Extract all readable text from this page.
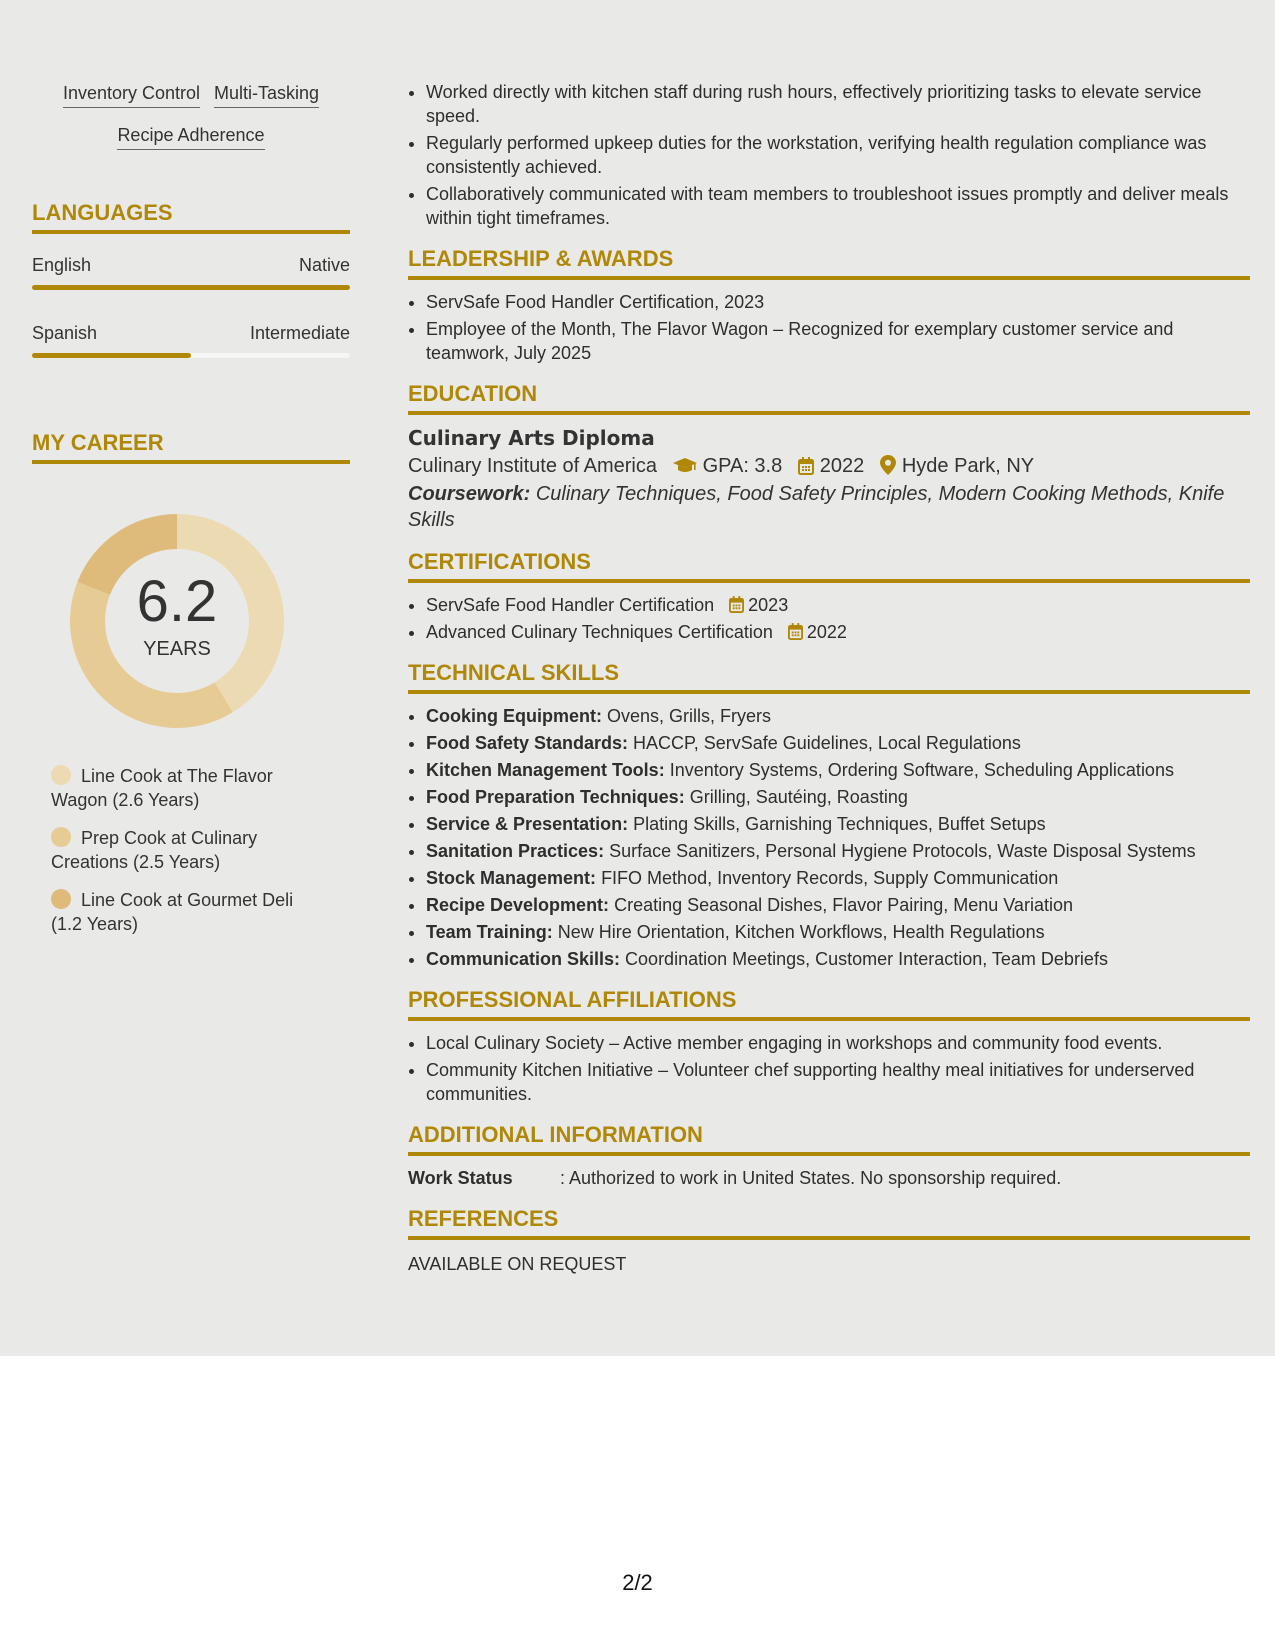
Inventory Control Multi-Tasking
Recipe Adherence
LANGUAGES
English	Native
Spanish	Intermediate
MY CAREER
6.2
YEARS
Line Cook at The Flavor Wagon (2.6 Years)
Prep Cook at Culinary Creations (2.5 Years)
Line Cook at Gourmet Deli (1.2 Years)
• Worked directly with kitchen staff during rush hours, effectively prioritizing tasks to elevate service speed.
• Regularly performed upkeep duties for the workstation, verifying health regulation compliance was consistently achieved.
• Collaboratively communicated with team members to troubleshoot issues promptly and deliver meals within tight timeframes.
LEADERSHIP & AWARDS
• ServSafe Food Handler Certification, 2023
• Employee of the Month, The Flavor Wagon – Recognized for exemplary customer service and teamwork, July 2025
EDUCATION
Culinary Arts Diploma
Culinary Institute of America GPA: 3.8 2022 Hyde Park, NY
Coursework: Culinary Techniques, Food Safety Principles, Modern Cooking Methods, Knife Skills
CERTIFICATIONS
• ServSafe Food Handler Certification 2023
• Advanced Culinary Techniques Certification 2022
TECHNICAL SKILLS
• Cooking Equipment: Ovens, Grills, Fryers
• Food Safety Standards: HACCP, ServSafe Guidelines, Local Regulations
• Kitchen Management Tools: Inventory Systems, Ordering Software, Scheduling Applications
• Food Preparation Techniques: Grilling, Sautéing, Roasting
• Service & Presentation: Plating Skills, Garnishing Techniques, Buffet Setups
• Sanitation Practices: Surface Sanitizers, Personal Hygiene Protocols, Waste Disposal Systems
• Stock Management: FIFO Method, Inventory Records, Supply Communication
• Recipe Development: Creating Seasonal Dishes, Flavor Pairing, Menu Variation
• Team Training: New Hire Orientation, Kitchen Workflows, Health Regulations
• Communication Skills: Coordination Meetings, Customer Interaction, Team Debriefs
PROFESSIONAL AFFILIATIONS
• Local Culinary Society – Active member engaging in workshops and community food events.
• Community Kitchen Initiative – Volunteer chef supporting healthy meal initiatives for underserved communities.
ADDITIONAL INFORMATION
Work Status	: Authorized to work in United States. No sponsorship required.
REFERENCES
AVAILABLE ON REQUEST
2/2
